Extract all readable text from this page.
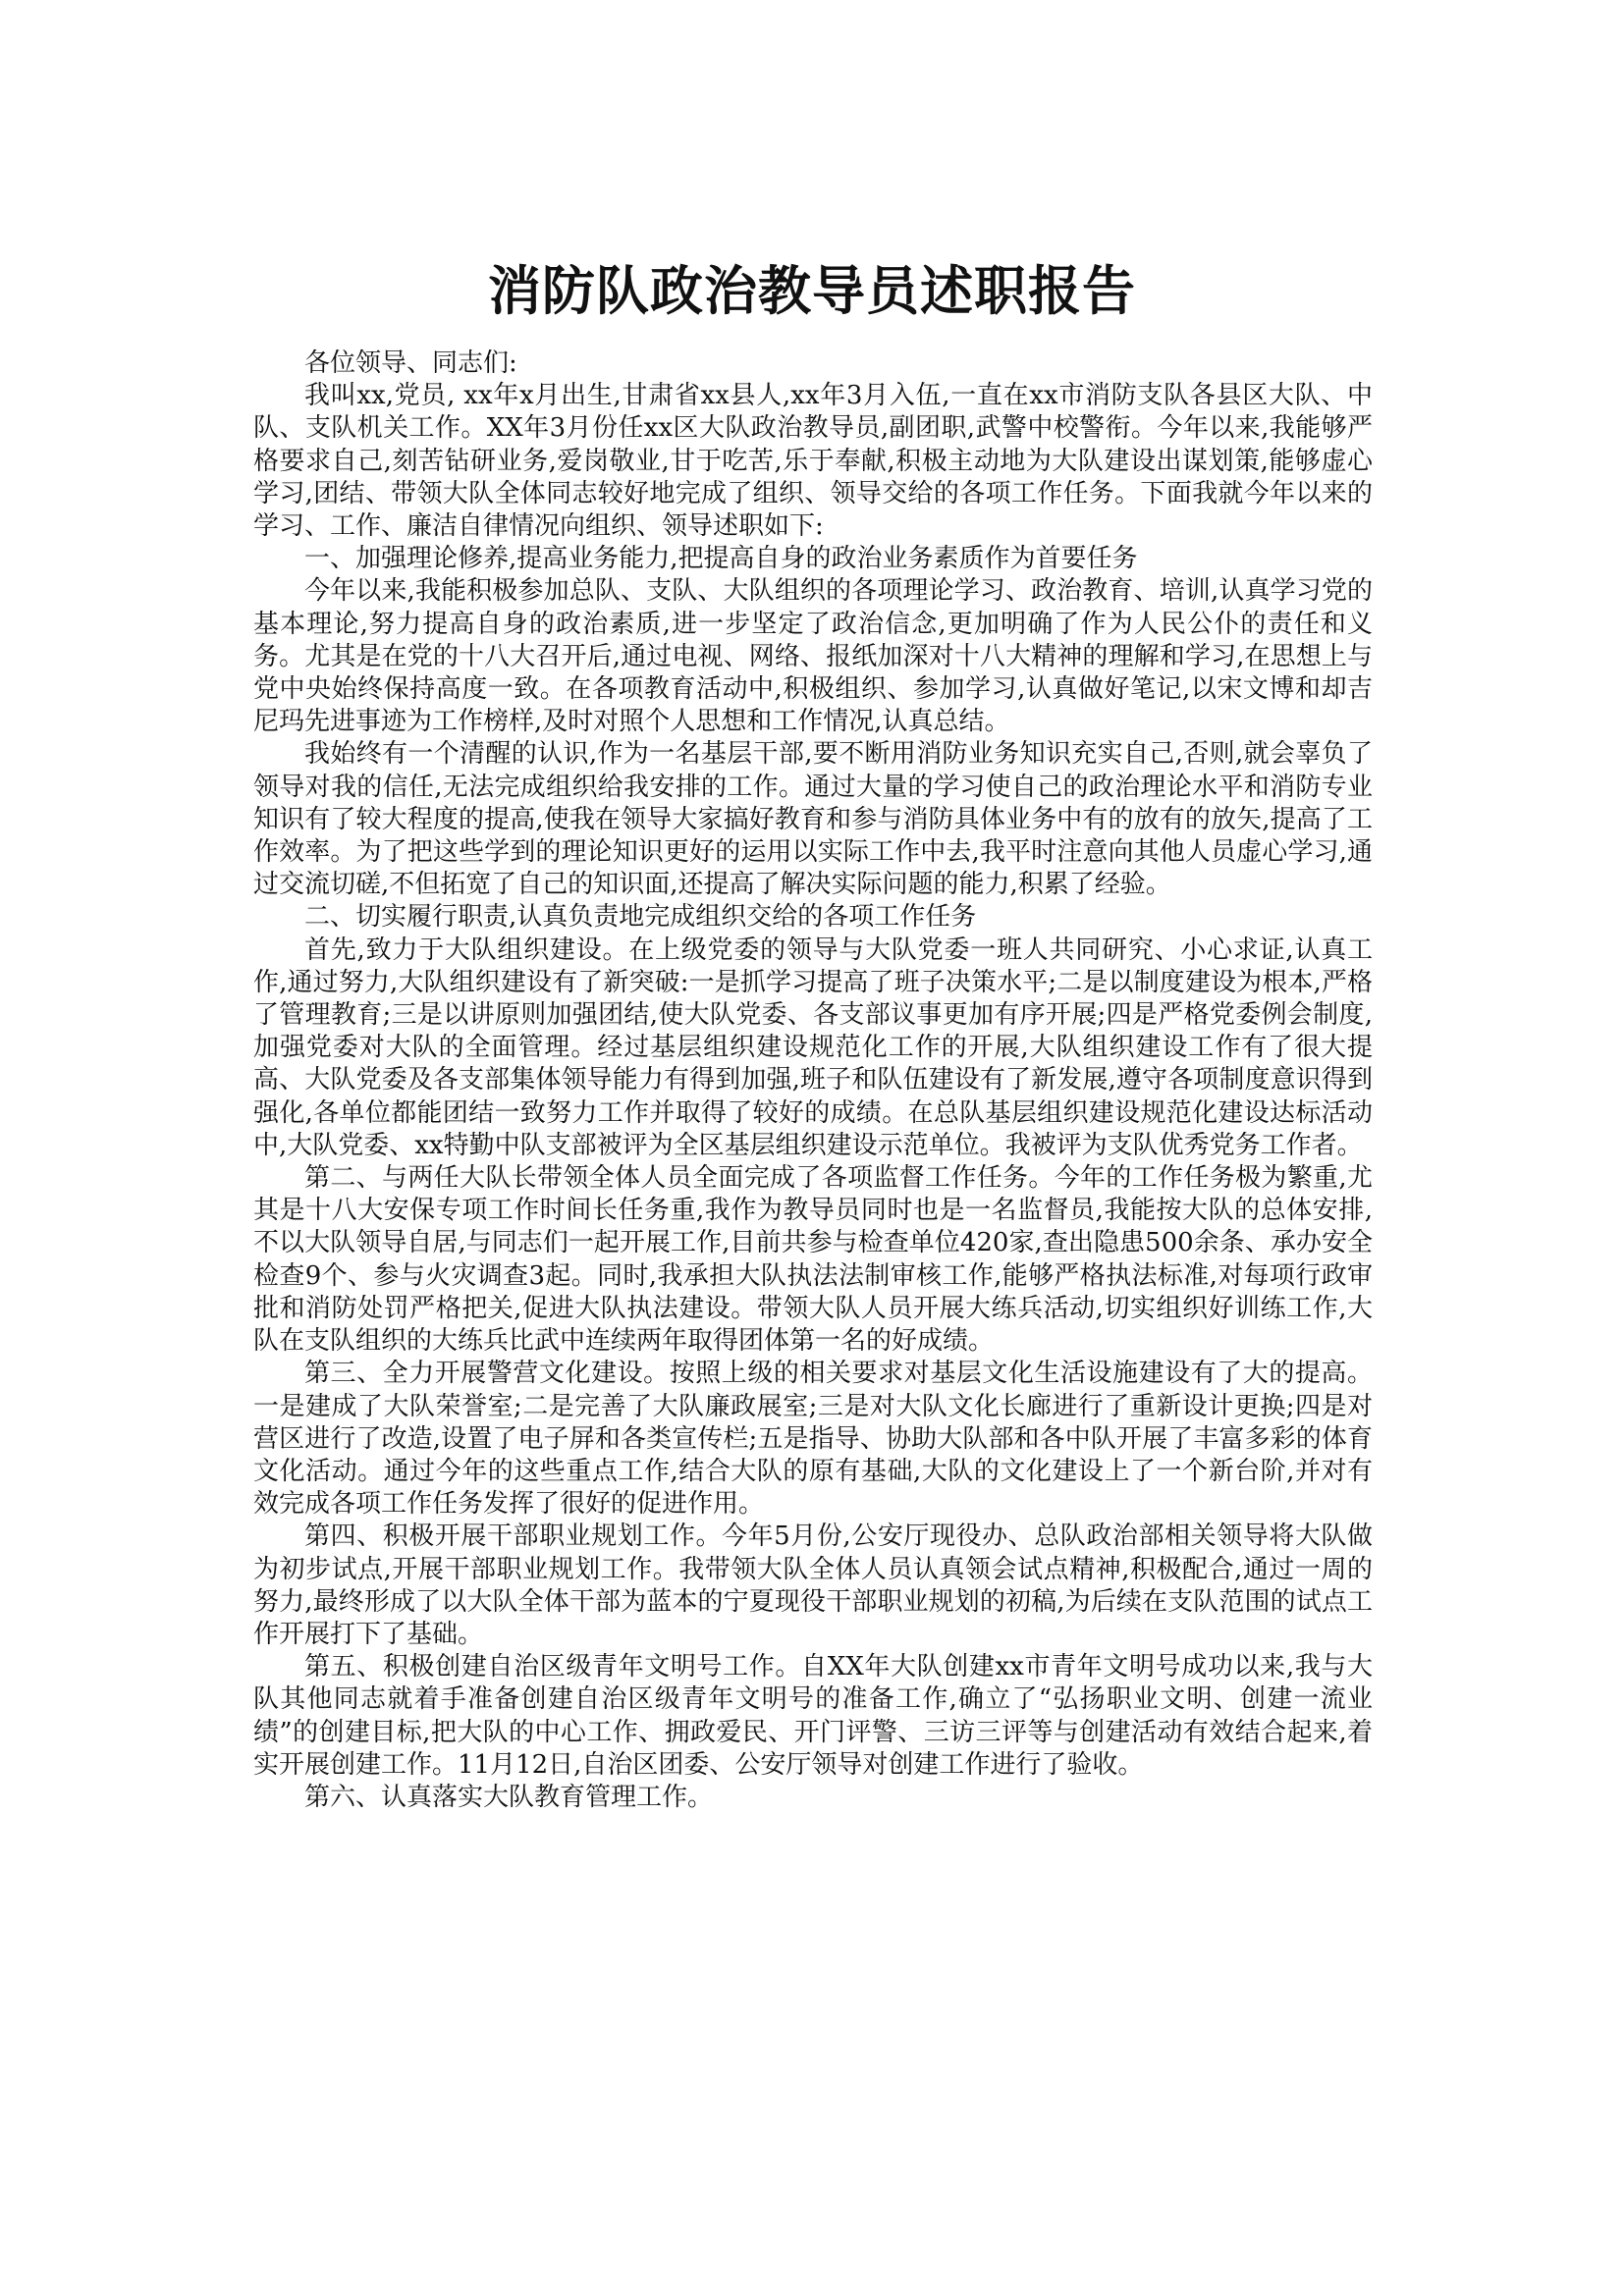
消防队政治教导员述职报告

各位领导、同志们:

我叫xx,党员, xx年x月出生,甘肃省xx县人,xx年3月入伍,一直在xx市消防支队各县区大队、中队、支队机关工作。XX年3月份任xx区大队政治教导员,副团职,武警中校警衔。今年以来,我能够严格要求自己,刻苦钻研业务,爱岗敬业,甘于吃苦,乐于奉献,积极主动地为大队建设出谋划策,能够虚心学习,团结、带领大队全体同志较好地完成了组织、领导交给的各项工作任务。下面我就今年以来的学习、工作、廉洁自律情况向组织、领导述职如下:

一、加强理论修养,提高业务能力,把提高自身的政治业务素质作为首要任务

今年以来,我能积极参加总队、支队、大队组织的各项理论学习、政治教育、培训,认真学习党的基本理论,努力提高自身的政治素质,进一步坚定了政治信念,更加明确了作为人民公仆的责任和义务。尤其是在党的十八大召开后,通过电视、网络、报纸加深对十八大精神的理解和学习,在思想上与党中央始终保持高度一致。在各项教育活动中,积极组织、参加学习,认真做好笔记,以宋文博和却吉尼玛先进事迹为工作榜样,及时对照个人思想和工作情况,认真总结。

我始终有一个清醒的认识,作为一名基层干部,要不断用消防业务知识充实自己,否则,就会辜负了领导对我的信任,无法完成组织给我安排的工作。通过大量的学习使自己的政治理论水平和消防专业知识有了较大程度的提高,使我在领导大家搞好教育和参与消防具体业务中有的放有的放矢,提高了工作效率。为了把这些学到的理论知识更好的运用以实际工作中去,我平时注意向其他人员虚心学习,通过交流切磋,不但拓宽了自己的知识面,还提高了解决实际问题的能力,积累了经验。

二、切实履行职责,认真负责地完成组织交给的各项工作任务

首先,致力于大队组织建设。在上级党委的领导与大队党委一班人共同研究、小心求证,认真工作,通过努力,大队组织建设有了新突破:一是抓学习提高了班子决策水平;二是以制度建设为根本,严格了管理教育;三是以讲原则加强团结,使大队党委、各支部议事更加有序开展;四是严格党委例会制度,加强党委对大队的全面管理。经过基层组织建设规范化工作的开展,大队组织建设工作有了很大提高、大队党委及各支部集体领导能力有得到加强,班子和队伍建设有了新发展,遵守各项制度意识得到强化,各单位都能团结一致努力工作并取得了较好的成绩。在总队基层组织建设规范化建设达标活动中,大队党委、xx特勤中队支部被评为全区基层组织建设示范单位。我被评为支队优秀党务工作者。

第二、与两任大队长带领全体人员全面完成了各项监督工作任务。今年的工作任务极为繁重,尤其是十八大安保专项工作时间长任务重,我作为教导员同时也是一名监督员,我能按大队的总体安排,不以大队领导自居,与同志们一起开展工作,目前共参与检查单位420家,查出隐患500余条、承办安全检查9个、参与火灾调查3起。同时,我承担大队执法法制审核工作,能够严格执法标准,对每项行政审批和消防处罚严格把关,促进大队执法建设。带领大队人员开展大练兵活动,切实组织好训练工作,大队在支队组织的大练兵比武中连续两年取得团体第一名的好成绩。

第三、全力开展警营文化建设。按照上级的相关要求对基层文化生活设施建设有了大的提高。一是建成了大队荣誉室;二是完善了大队廉政展室;三是对大队文化长廊进行了重新设计更换;四是对营区进行了改造,设置了电子屏和各类宣传栏;五是指导、协助大队部和各中队开展了丰富多彩的体育文化活动。通过今年的这些重点工作,结合大队的原有基础,大队的文化建设上了一个新台阶,并对有效完成各项工作任务发挥了很好的促进作用。

第四、积极开展干部职业规划工作。今年5月份,公安厅现役办、总队政治部相关领导将大队做为初步试点,开展干部职业规划工作。我带领大队全体人员认真领会试点精神,积极配合,通过一周的努力,最终形成了以大队全体干部为蓝本的宁夏现役干部职业规划的初稿,为后续在支队范围的试点工作开展打下了基础。

第五、积极创建自治区级青年文明号工作。自XX年大队创建xx市青年文明号成功以来,我与大队其他同志就着手准备创建自治区级青年文明号的准备工作,确立了“弘扬职业文明、创建一流业绩”的创建目标,把大队的中心工作、拥政爱民、开门评警、三访三评等与创建活动有效结合起来,着实开展创建工作。11月12日,自治区团委、公安厅领导对创建工作进行了验收。

第六、认真落实大队教育管理工作。
